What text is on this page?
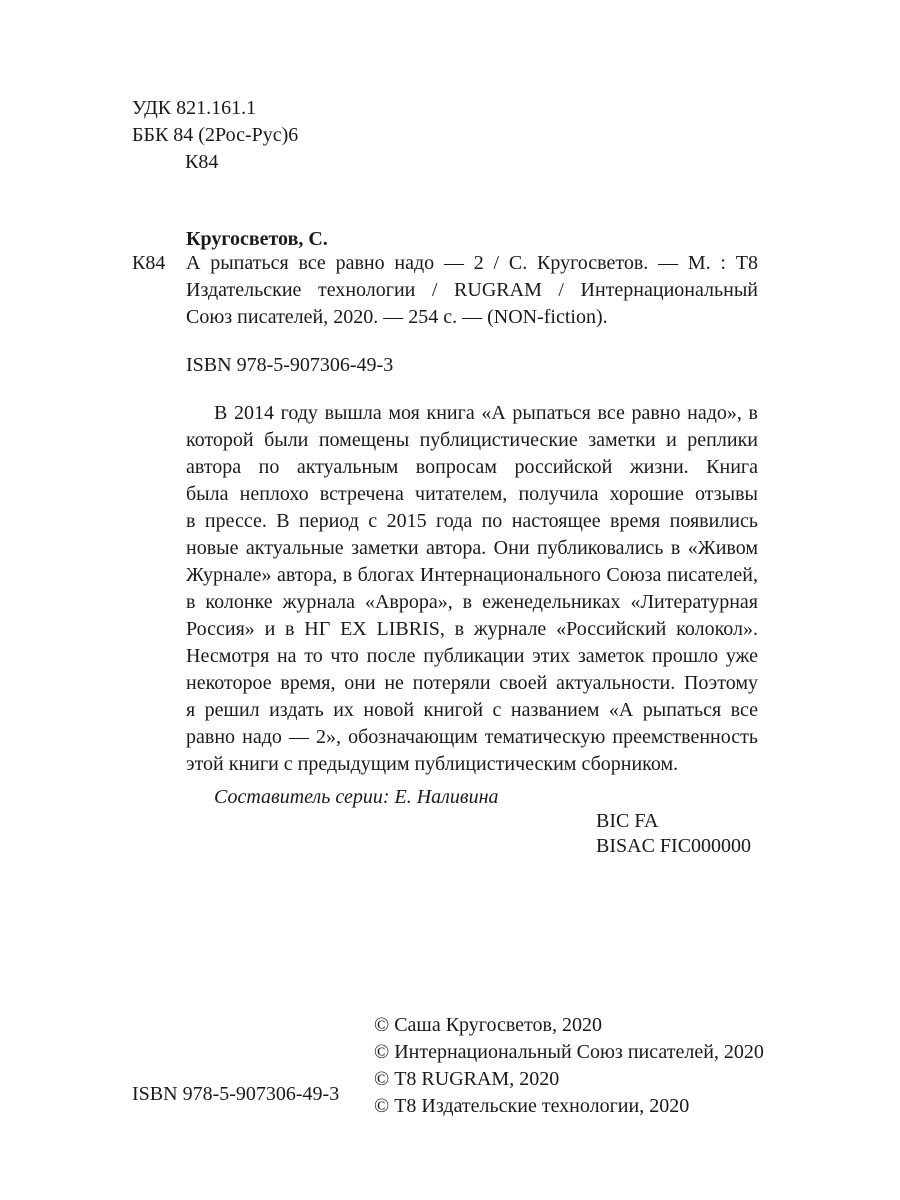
УДК 821.161.1
ББК 84 (2Рос-Рус)6
К84
Кругосветов, С.
К84 А рыпаться все равно надо — 2 / С. Кругосветов. — М. : Т8
Издательские технологии / RUGRAM / Интернациональный
Союз писателей, 2020. — 254 с. — (NON-fiction).
ISBN 978-5-907306-49-3
В 2014 году вышла моя книга «А рыпаться все равно надо», в
которой были помещены публицистические заметки и реплики
автора по актуальным вопросам российской жизни. Книга
была неплохо встречена читателем, получила хорошие отзывы
в прессе. В период с 2015 года по настоящее время появились
новые актуальные заметки автора. Они публиковались в «Живом
Журнале» автора, в блогах Интернационального Союза писателей,
в колонке журнала «Аврора», в еженедельниках «Литературная
Россия» и в НГ EX LIBRIS, в журнале «Российский колокол».
Несмотря на то что после публикации этих заметок прошло уже
некоторое время, они не потеряли своей актуальности. Поэтому
я решил издать их новой книгой с названием «А рыпаться все
равно надо — 2», обозначающим тематическую преемственность
этой книги с предыдущим публицистическим сборником.
Составитель серии: Е. Наливина
BIC FA
BISAC FIC000000
© Саша Кругосветов, 2020
© Интернациональный Союз писателей, 2020
© Т8 RUGRAM, 2020
© Т8 Издательские технологии, 2020
ISBN 978-5-907306-49-3
